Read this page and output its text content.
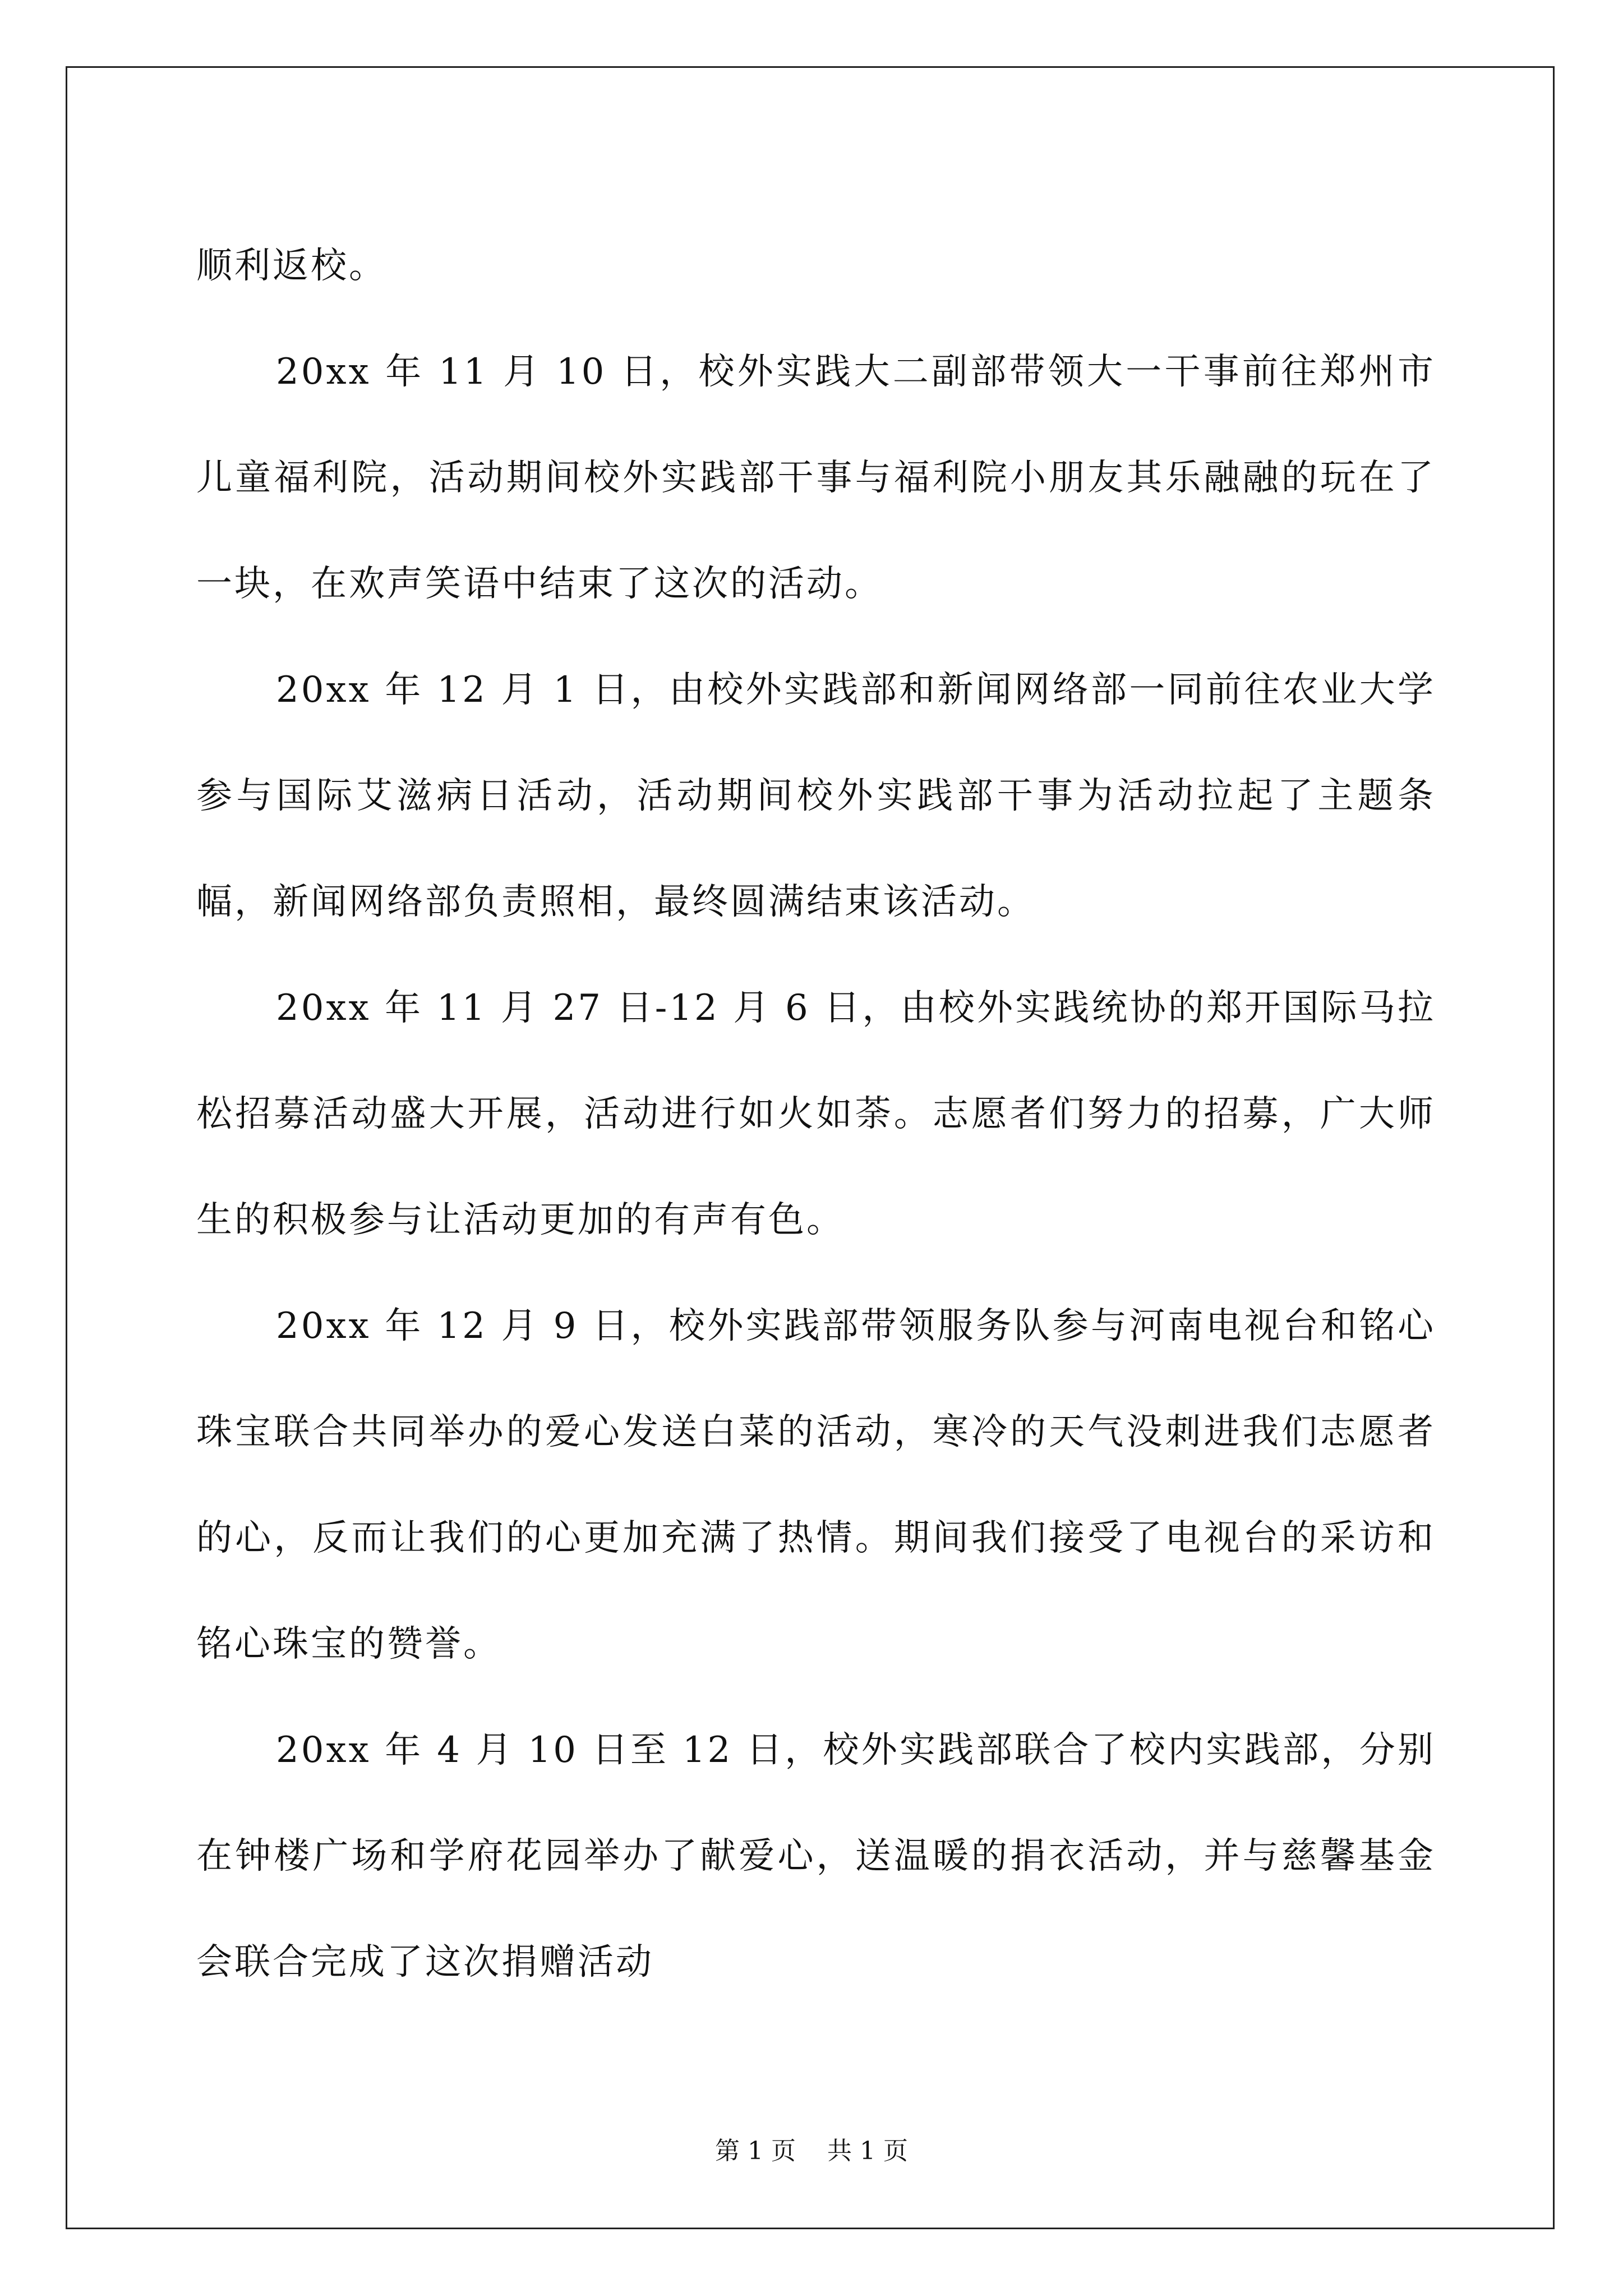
顺利返校。

20xx 年 11 月 10 日，校外实践大二副部带领大一干事前往郑州市儿童福利院，活动期间校外实践部干事与福利院小朋友其乐融融的玩在了一块，在欢声笑语中结束了这次的活动。

20xx 年 12 月 1 日，由校外实践部和新闻网络部一同前往农业大学参与国际艾滋病日活动，活动期间校外实践部干事为活动拉起了主题条幅，新闻网络部负责照相，最终圆满结束该活动。

20xx 年 11 月 27 日-12 月 6 日，由校外实践统协的郑开国际马拉松招募活动盛大开展，活动进行如火如荼。志愿者们努力的招募，广大师生的积极参与让活动更加的有声有色。

20xx 年 12 月 9 日，校外实践部带领服务队参与河南电视台和铭心珠宝联合共同举办的爱心发送白菜的活动，寒冷的天气没刺进我们志愿者的心，反而让我们的心更加充满了热情。期间我们接受了电视台的采访和铭心珠宝的赞誉。

20xx 年 4 月 10 日至 12 日，校外实践部联合了校内实践部，分别在钟楼广场和学府花园举办了献爱心，送温暖的捐衣活动，并与慈馨基金会联合完成了这次捐赠活动

第 1 页 共 1 页
